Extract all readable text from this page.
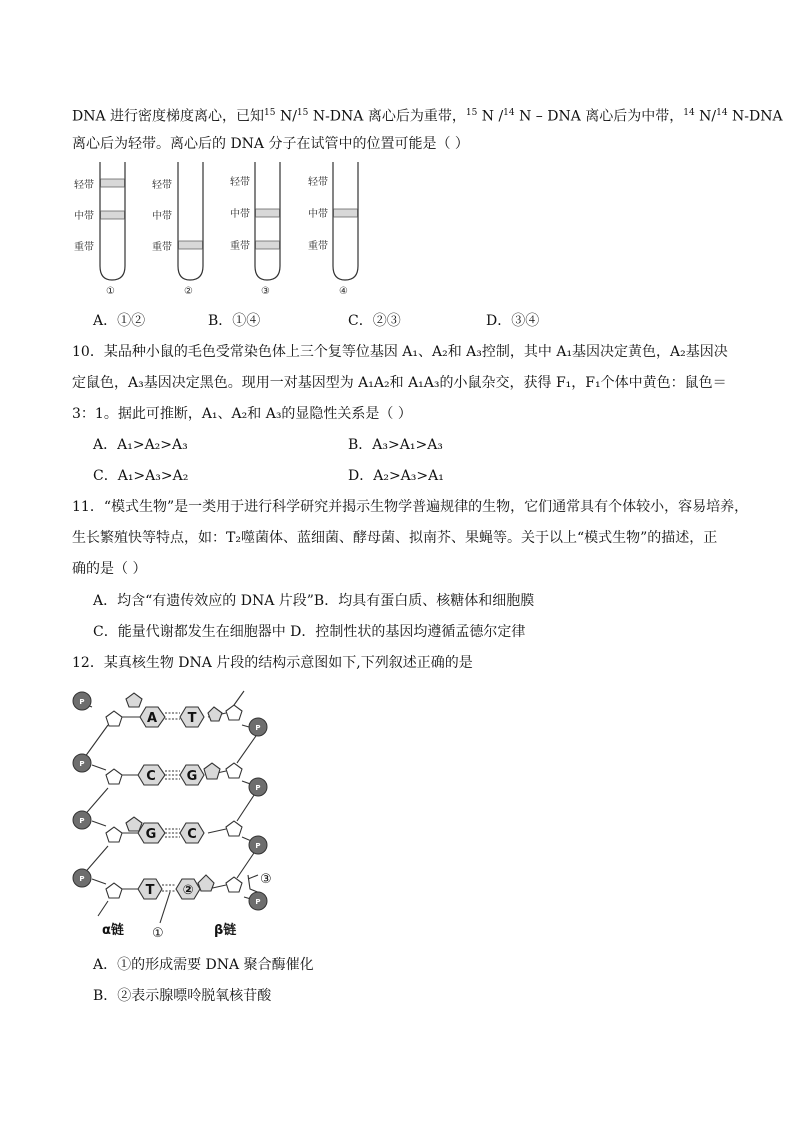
DNA 进行密度梯度离心，已知$^{15}$ N/$^{15}$ N-DNA 离心后为重带，$^{15}$ N /$^{14}$ N – DNA 离心后为中带，$^{14}$ N/$^{14}$ N-DNA
离心后为轻带。离心后的 DNA 分子在试管中的位置可能是（ ）
轻带
中带
重带
①
轻带
中带
重带
②
轻带
中带
重带
③
轻带
中带
重带
④
A．①②	B．①④	C．②③	D．③④
10．某品种小鼠的毛色受常染色体上三个复等位基因 A₁、A₂和 A₃控制，其中 A₁基因决定黄色，A₂基因决
定鼠色，A₃基因决定黑色。现用一对基因型为 A₁A₂和 A₁A₃的小鼠杂交，获得 F₁，F₁个体中黄色：鼠色＝
3：1。据此可推断，A₁、A₂和 A₃的显隐性关系是（ ）
A．A₁>A₂>A₃	B．A₃>A₁>A₃
C．A₁>A₃>A₂	D．A₂>A₃>A₁
11．“模式生物”是一类用于进行科学研究并揭示生物学普遍规律的生物，它们通常具有个体较小，容易培养，
生长繁殖快等特点，如：T₂噬菌体、蓝细菌、酵母菌、拟南芥、果蝇等。关于以上“模式生物”的描述，正
确的是（ ）
A．均含“有遗传效应的 DNA 片段”B．均具有蛋白质、核糖体和细胞膜
C．能量代谢都发生在细胞器中 D．控制性状的基因均遵循孟德尔定律
12．某真核生物 DNA 片段的结构示意图如下,下列叙述正确的是
A
C
G
T
T
G
C
②
P
P
P
P
P
P
P
P
③
①
α链	β链
A．①的形成需要 DNA 聚合酶催化
B．②表示腺嘌呤脱氧核苷酸
